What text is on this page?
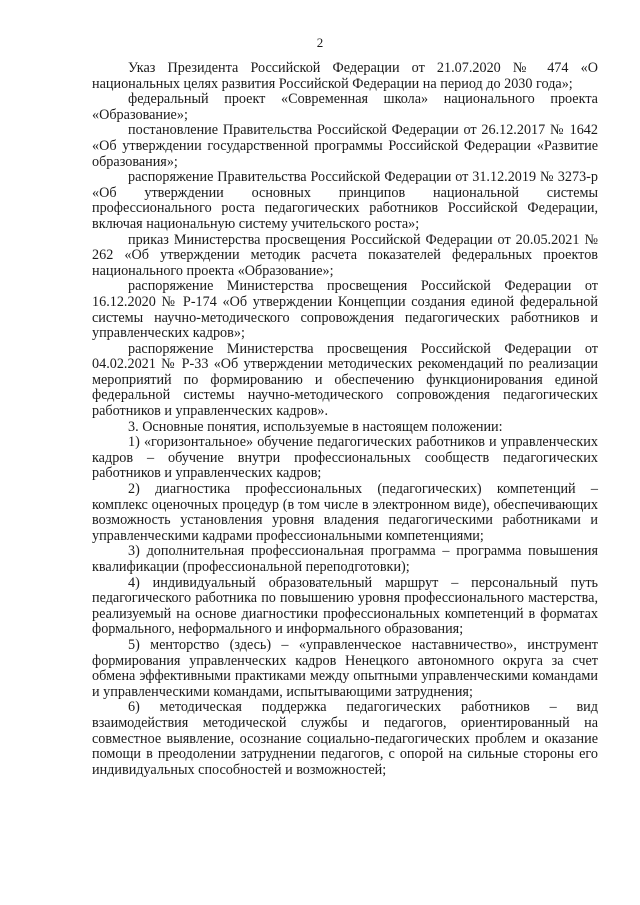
2

Указ Президента Российской Федерации от 21.07.2020 № 474 «О национальных целях развития Российской Федерации на период до 2030 года»;

федеральный проект «Современная школа» национального проекта «Образование»;

постановление Правительства Российской Федерации от 26.12.2017 № 1642 «Об утверждении государственной программы Российской Федерации «Развитие образования»;

распоряжение Правительства Российской Федерации от 31.12.2019 № 3273-р «Об утверждении основных принципов национальной системы профессионального роста педагогических работников Российской Федерации, включая национальную систему учительского роста»;

приказ Министерства просвещения Российской Федерации от 20.05.2021 № 262 «Об утверждении методик расчета показателей федеральных проектов национального проекта «Образование»;

распоряжение Министерства просвещения Российской Федерации от 16.12.2020 № Р-174 «Об утверждении Концепции создания единой федеральной системы научно-методического сопровождения педагогических работников и управленческих кадров»;

распоряжение Министерства просвещения Российской Федерации от 04.02.2021 № Р-33 «Об утверждении методических рекомендаций по реализации мероприятий по формированию и обеспечению функционирования единой федеральной системы научно-методического сопровождения педагогических работников и управленческих кадров».

3. Основные понятия, используемые в настоящем положении:

1) «горизонтальное» обучение педагогических работников и управленческих кадров – обучение внутри профессиональных сообществ педагогических работников и управленческих кадров;

2) диагностика профессиональных (педагогических) компетенций – комплекс оценочных процедур (в том числе в электронном виде), обеспечивающих возможность установления уровня владения педагогическими работниками и управленческими кадрами профессиональными компетенциями;

3) дополнительная профессиональная программа – программа повышения квалификации (профессиональной переподготовки);

4) индивидуальный образовательный маршрут – персональный путь педагогического работника по повышению уровня профессионального мастерства, реализуемый на основе диагностики профессиональных компетенций в форматах формального, неформального и информального образования;

5) менторство (здесь) – «управленческое наставничество», инструмент формирования управленческих кадров Ненецкого автономного округа за счет обмена эффективными практиками между опытными управленческими командами и управленческими командами, испытывающими затруднения;

6) методическая поддержка педагогических работников – вид взаимодействия методической службы и педагогов, ориентированный на совместное выявление, осознание социально-педагогических проблем и оказание помощи в преодолении затруднении педагогов, с опорой на сильные стороны его индивидуальных способностей и возможностей;
